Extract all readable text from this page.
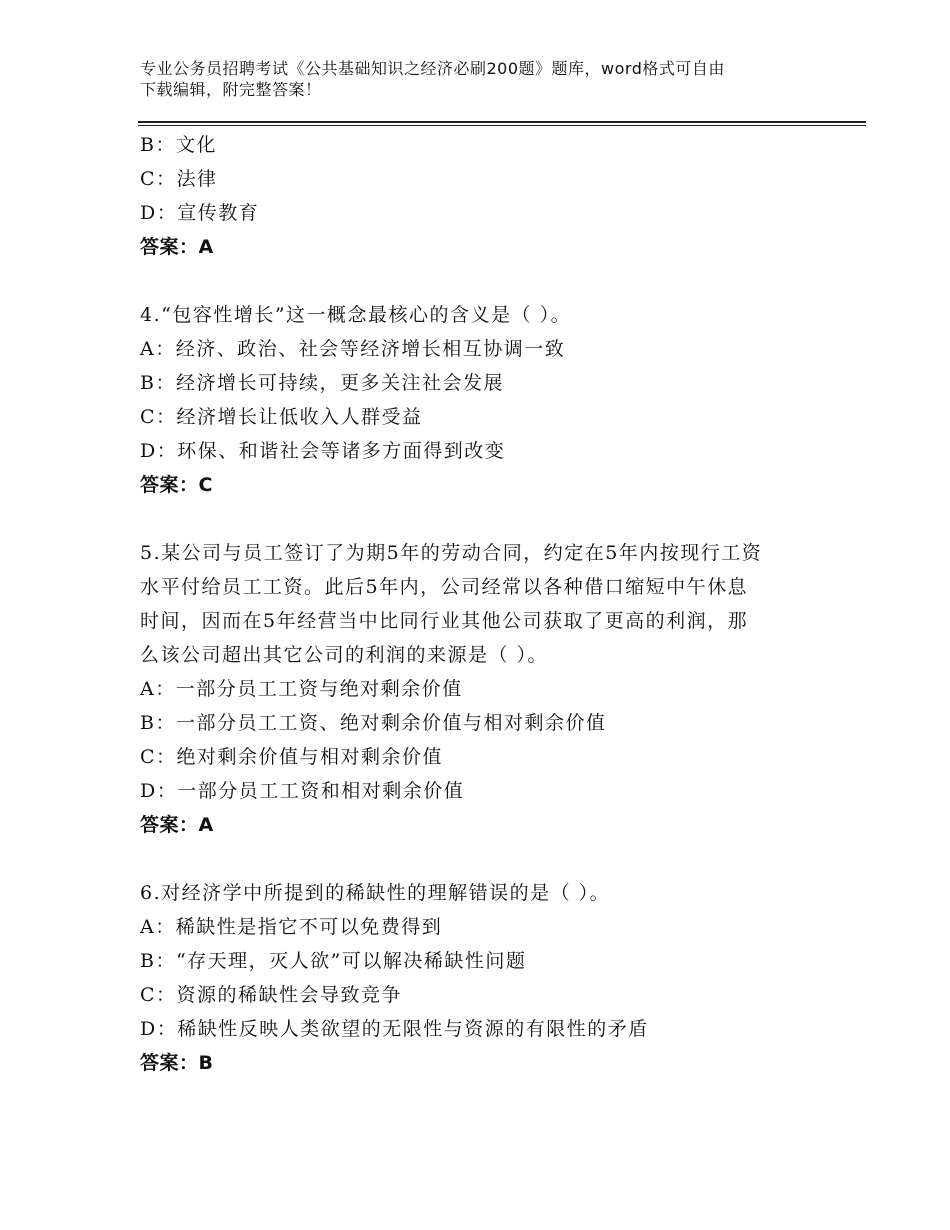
专业公务员招聘考试《公共基础知识之经济必刷200题》题库，word格式可自由
下载编辑，附完整答案！
B：文化
C：法律
D：宣传教育
答案：A
4.“包容性增长”这一概念最核心的含义是（ ）。
A：经济、政治、社会等经济增长相互协调一致
B：经济增长可持续，更多关注社会发展
C：经济增长让低收入人群受益
D：环保、和谐社会等诸多方面得到改变
答案：C
5.某公司与员工签订了为期5年的劳动合同，约定在5年内按现行工资
水平付给员工工资。此后5年内，公司经常以各种借口缩短中午休息
时间，因而在5年经营当中比同行业其他公司获取了更高的利润，那
么该公司超出其它公司的利润的来源是（ ）。
A：一部分员工工资与绝对剩余价值
B：一部分员工工资、绝对剩余价值与相对剩余价值
C：绝对剩余价值与相对剩余价值
D：一部分员工工资和相对剩余价值
答案：A
6.对经济学中所提到的稀缺性的理解错误的是（ ）。
A：稀缺性是指它不可以免费得到
B：“存天理，灭人欲”可以解决稀缺性问题
C：资源的稀缺性会导致竞争
D：稀缺性反映人类欲望的无限性与资源的有限性的矛盾
答案：B
